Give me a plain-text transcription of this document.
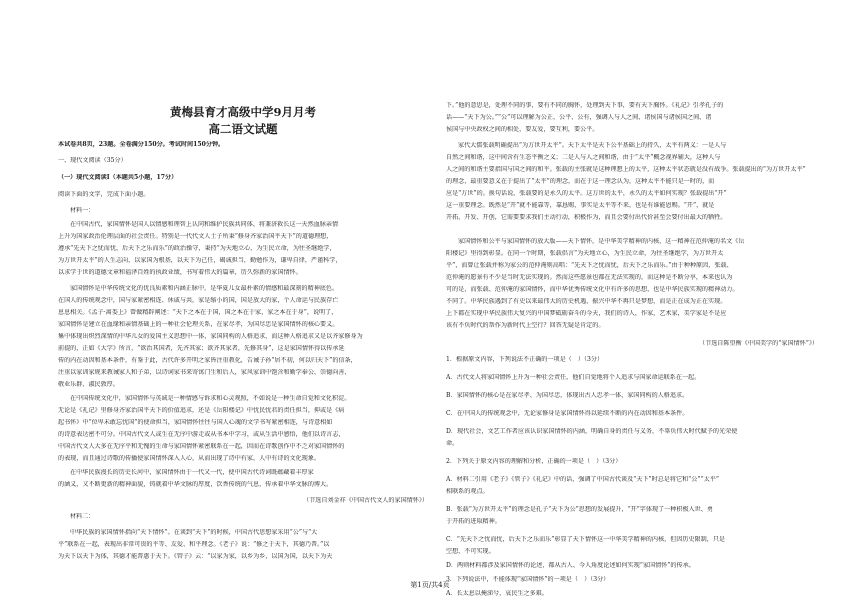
黄梅县育才高级中学9月月考
高二语文试题
本试卷共8页，23题。全卷满分150分。考试时间150分钟。
一、现代文阅读（35分）
（一）现代文阅读Ⅰ（本题共5小题，17分）
阅读下面的文字，完成下面小题。
材料一：
在中国古代，家国情怀是国人以情感和理智上认同和维护民族共同体、将兼济救长这一天然血脉亲情
上升为国家政治伦理层面的社会责任。特别是一代代文人士子所秉“修身齐家治国平天下”的道德理想，
遵承“先天下之忧而忧，后天下之乐而乐”的政治操守，秉持“为天地立心，为生民立命，为往圣继绝学，
为万世开太平”的人生志向，以家国为根基，以天下为己任，碣诚担当，勤勉作为，谦卑自律，严谨科学，
以求学于世的道德文章和福泽百姓的执政业绩，书写着伟大的篇章，历久弥新的家国情怀。
家国情怀是中华传统文化的优良质素和内涵正脉中，是华夏儿女最朴素的情感和最深刻的精神底色。
在国人的传统观念中，国与家紧密相连、休戚与共，家是缩小的国，国是放大的家，个人命运与民族存亡
息息相关。《孟子·离娄上》曾做精辟阐述：“天下之本在于国，国之本在于家，家之本在于身”，说明了，
家国情怀是建立在血缘和亲情基础上的一种社会伦理关系，在家尽孝，为国尽忠是家国情怀的核心要义。
集中体现出炽烈深情的中华儿女的爱国主义思想中一体，家国同构的人格追求，而这种人格追求又是以齐家修身为
前提的，正如《大学》所言，“欲治其国者，先齐其家；欲齐其家者，先修其身”，这是家国情怀得以传承延
传的内在动因和基本条件，有鉴于此，古代许多开明之家皆注重教化，告诫子孙“居不初，何以归天下”的信条，
注重以家训家规来教诫家人和子弟，以诗词家书来寄寓门生和后人，家风家训中饱含和勤学奉公、崇德向善、
敬业乐群、淑民敦厚。
在中国传统文化中，家国情怀与英诚是一种情感与诉求和心灵观照，不如说是一种生命自觉和文化积淀。
无论是《礼记》里修身齐家治国平天下的价值追求，还是《岳阳楼记》中忧民忧君的责任担当，抑或是《病
起书怀》中“位卑未敢忘忧国”的使命担当，家国情怀往往与国人心魂的文学书写紧密相连，与诗意相如
的诗意表达密不可分。中国古代文人或生在无序中游走或从书本中学习，或从生活中感悟，他们以诗言志，
中国古代文人大多在无序平和无愧的生命与家国情怀紧密联系在一起，因而在诗歌创作中不乏对家国情怀的
的表现，而且通过诗歌的传播使家国情怀深入人心，从而出现了诗中有家，人中有诗的文化现象。
在中华民族漫长的历史长河中，家国情怀由于一代又一代，使中国古代诗词既蕴藏着丰厚家
的涵义，又不断更新的精神面貌，铸就着中华文脉的厚度，饮香传统的气息，传承着中华文脉的博大。
（节选自刘金祥《中国古代文人的家国情怀》）
材料二：
中华民族的家国情怀指向“天下情怀”。在谈到“天下”的时候，中国古代思想家采用“公”与“大
平”联系在一起，表现出非常可贵的平等、友爱、和平理念。《老子》说：“修之于天下，其德乃普。”以
为天下以天下为体，其德才能普惠于天下。《管子》云：“以家为家，以乡为乡，以国为国，以天下为天
下。”他的意思是，处理不同的事，要有不同的胸怀，处理到天下事，要有天下胸怀。《礼记》引孝孔子的
话——“天下为公。”“公”可以理解为公正、公平、公有，强调人与人之间、诸侯国与诸侯国之间、诸
侯国与中央政权之间的相处，要友爱，要互利，要公平。
家代大儒张载明确提出“为万世开太平”。天下太平是天下公平基础上的持久，太平有两义：一是人与
自然之间和谐，这中间含有生态平衡之义；二是人与人之间和谐，由于“太平”概念视界辅大，这种人与
人之间的和谐主要指国与国之间的和平。张载的主张就是这种理想上的太平，这种太平状态就是没有战争。张载提出的“为万世开太平”
的理念，最重要意义在于提出了“太平”的理念，而在于这一理念认为，这种太平不能只是一时的，而
应是“万世”的。换句话说，张载要的是永久的太平。这万世的太平，永久的太平如何实现？张载提出“开”
这一重要理念。既然是“开”就不能靠等，靠恳赐，事实是太平等不来，也是有谁能恩赐。“开”，就是
开拓、开发、开创，它需要要求我们主动行动，积极作为，而且会要付出代价甚至会要付出最大的牺牲。
家国情怀和公平与家国情怀的放大版——天下情怀，是中华美学精神的内核，这一精神在范仲淹的名文《岳
阳楼记》里得到彰显。在同一个时期，张载倡言“为天地立心，为生民立命，为往圣继绝学，为万世开太
平”，而曾让张载并称为家公的范仲淹则高唱：“先天下之忧而忧，后天下之乐而乐。”由于种种原因，张载、
范仲淹的愿景有不少是当时无法实现的。然而这些愿景也都在无法实现的，而这种是不断分享，本来也认为
可的是，而张载、范仲淹的家国情怀，而中华优秀传统文化中有许多的思想，也是中华民族实现的精神动力。
不同了。中华民族遇到了有史以来最伟大的历史机遇，振兴中华不再只是梦想，而是正在成为正在实现。
上下都在实现中华民族伟大复兴的中国梦砥砺奋斗的今天，我们的诗人，作家，艺术家，美学家是不是应
该有不负时代的帮作为新时代上空行？回答无疑是肯定的。
（节选自陈望衡《中国美学的“家国情怀”》）
1．根据原文内容，下列说法不正确的一项是（　）（3分）
A．古代文人将家国情怀上升为一种社会责任，他们自觉地将个人追求与国家命运联系在一起。
B．家国情怀的核心是在家尽孝、为国尽忠，体现出古人忠孝一体、家国同构的人格追求。
C．在中国人的传统观念中，无论家修身是家国情怀得以延续不断的内在动因和基本条件。
D．现代社会，文艺工作者应该认识家国情怀的内涵，明确自身的责任与义务，不辜负伟大时代赋予的光荣使
命。
2．下列关于原文内容的理解和分析，正确的一项是（　）（3分）
A．材料二引用《老子》《管子》《礼记》中的话，强调了中国古代谈及“天下”时总是将它和“公”“太平”
相联系的观点。
B．张载“为万世开太平”的理念是孔子“天下为公”思想的发展提升，“开”字体现了一种积极入世、勇
于开拓的进取精神。
C．“先天下之忧而忧，后天下之乐而乐”彰显了天下情怀这一中华美学精神的内核，但因历史限制，只是
空想，不可实现。
D．两则材料都涉及家国情怀的论述，都从古人、今人角度论述如何实现“家国情怀”的传承。
3．下列说法中，不能体现“家国情怀”的一项是（　）（3分）
A．长太息以掩涕兮，哀民生之多艰。
第1页/共4页
